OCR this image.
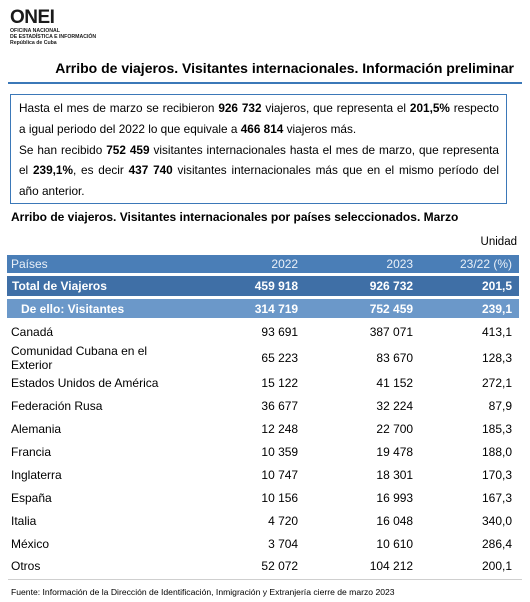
ONEI
OFICINA NACIONAL
DE ESTADÍSTICA E INFORMACIÓN
República de Cuba
Arribo de viajeros. Visitantes internacionales. Información preliminar

Hasta el mes de marzo se recibieron 926 732 viajeros, que representa el 201,5% respecto a igual periodo del 2022 lo que equivale a 466 814 viajeros más.

Se han recibido 752 459 visitantes internacionales hasta el mes de marzo, que representa el 239,1%, es decir 437 740 visitantes internacionales más que en el mismo período del año anterior.

Arribo de viajeros. Visitantes internacionales por países seleccionados. Marzo
Unidad
Países	2022	2023	23/22 (%)

Total de Viajeros	459 918	926 732	201,5

De ello: Visitantes	314 719	752 459	239,1

Canadá	93 691	387 071	413,1
Comunidad Cubana en el Exterior	65 223	83 670	128,3
Estados Unidos de América	15 122	41 152	272,1
Federación Rusa	36 677	32 224	87,9
Alemania	12 248	22 700	185,3
Francia	10 359	19 478	188,0
Inglaterra	10 747	18 301	170,3
España	10 156	16 993	167,3
Italia	4 720	16 048	340,0
México	3 704	10 610	286,4
Otros	52 072	104 212	200,1
Fuente: Información de la Dirección de Identificación, Inmigración y Extranjería cierre de marzo 2023
